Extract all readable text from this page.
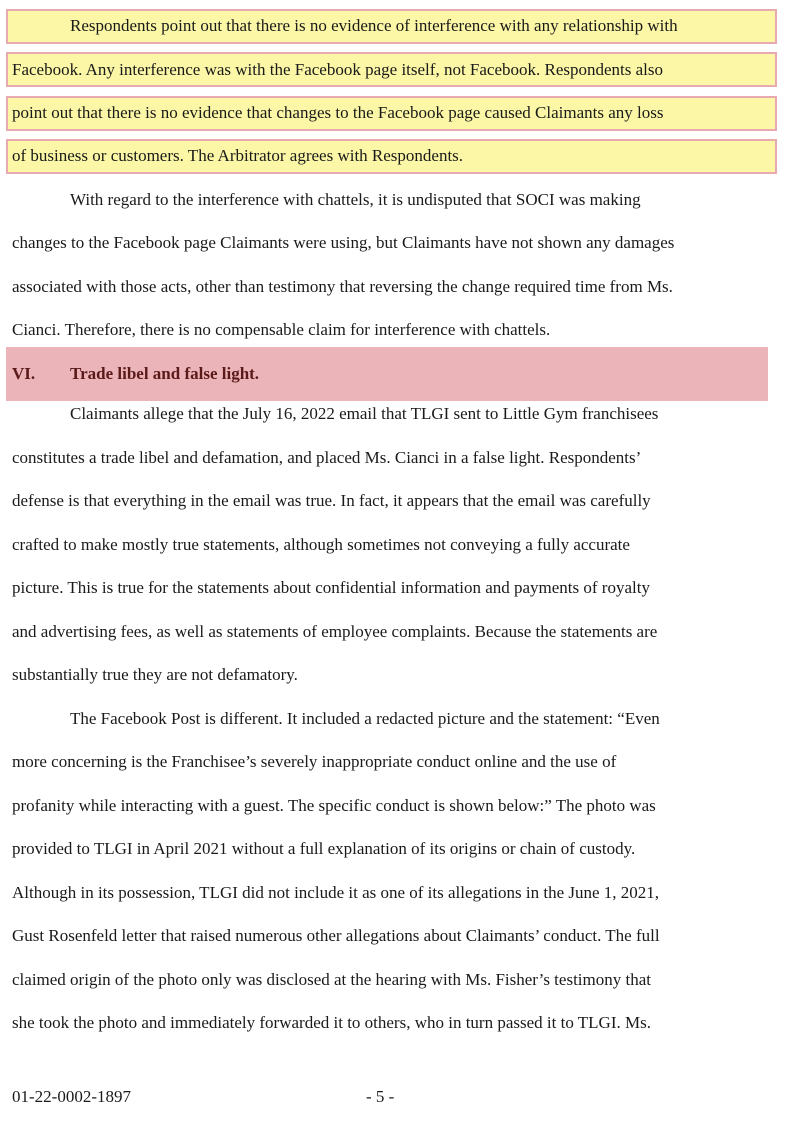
Respondents point out that there is no evidence of interference with any relationship with
Facebook. Any interference was with the Facebook page itself, not Facebook. Respondents also
point out that there is no evidence that changes to the Facebook page caused Claimants any loss
of business or customers. The Arbitrator agrees with Respondents.
With regard to the interference with chattels, it is undisputed that SOCI was making
changes to the Facebook page Claimants were using, but Claimants have not shown any damages
associated with those acts, other than testimony that reversing the change required time from Ms.
Cianci. Therefore, there is no compensable claim for interference with chattels.
VI. Trade libel and false light.
Claimants allege that the July 16, 2022 email that TLGI sent to Little Gym franchisees
constitutes a trade libel and defamation, and placed Ms. Cianci in a false light. Respondents’
defense is that everything in the email was true. In fact, it appears that the email was carefully
crafted to make mostly true statements, although sometimes not conveying a fully accurate
picture. This is true for the statements about confidential information and payments of royalty
and advertising fees, as well as statements of employee complaints. Because the statements are
substantially true they are not defamatory.
The Facebook Post is different. It included a redacted picture and the statement: “Even
more concerning is the Franchisee’s severely inappropriate conduct online and the use of
profanity while interacting with a guest. The specific conduct is shown below:” The photo was
provided to TLGI in April 2021 without a full explanation of its origins or chain of custody.
Although in its possession, TLGI did not include it as one of its allegations in the June 1, 2021,
Gust Rosenfeld letter that raised numerous other allegations about Claimants’ conduct. The full
claimed origin of the photo only was disclosed at the hearing with Ms. Fisher’s testimony that
she took the photo and immediately forwarded it to others, who in turn passed it to TLGI. Ms.
01-22-0002-1897	- 5 -
